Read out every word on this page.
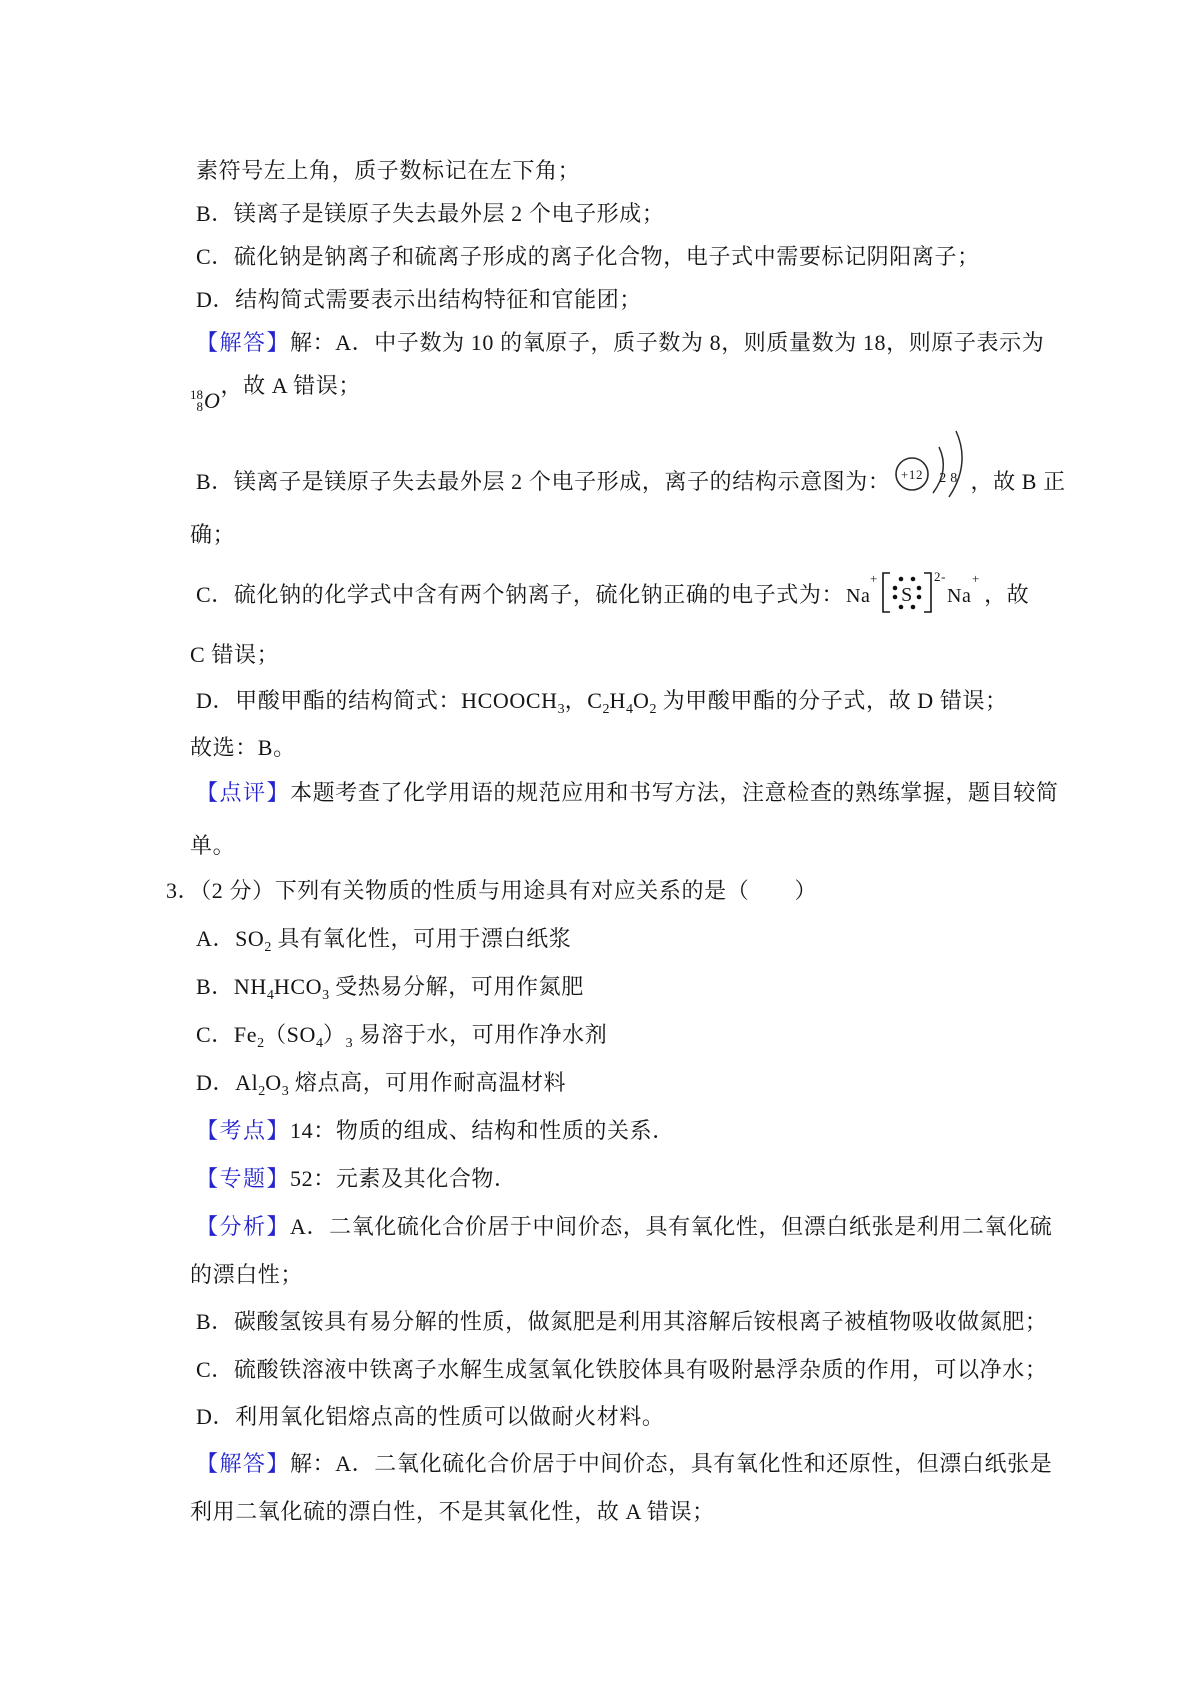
素符号左上角，质子数标记在左下角；
B．镁离子是镁原子失去最外层 2 个电子形成；
C．硫化钠是钠离子和硫离子形成的离子化合物，电子式中需要标记阴阳离子；
D．结构简式需要表示出结构特征和官能团；
【解答】解：A．中子数为 10 的氧原子，质子数为 8，则质量数为 18，则原子表示为
18
8 O
，故 A 错误；
B．镁离子是镁原子失去最外层 2 个电子形成，离子的结构示意图为： +12 2 8 ，故 B 正
确；
C．硫化钠的化学式中含有两个钠离子，硫化钠正确的电子式为： Na
+
S
2-
Na
+
，故
C 错误；
D．甲酸甲酯的结构简式：$HCOOCH_3$，$C_2H_4O_2$ 为甲酸甲酯的分子式，故 D 错误；
故选：B。
【点评】本题考查了化学用语的规范应用和书写方法，注意检查的熟练掌握，题目较简
单。
3．（2 分）下列有关物质的性质与用途具有对应关系的是（　　）
A．$SO_2$ 具有氧化性，可用于漂白纸浆
B．$NH_4HCO_3$ 受热易分解，可用作氮肥
C．$Fe_2(SO_4)_3$ 易溶于水，可用作净水剂
D．$Al_2O_3$ 熔点高，可用作耐高温材料
【考点】14：物质的组成、结构和性质的关系．
【专题】52：元素及其化合物．
【分析】A．二氧化硫化合价居于中间价态，具有氧化性，但漂白纸张是利用二氧化硫
的漂白性；
B．碳酸氢铵具有易分解的性质，做氮肥是利用其溶解后铵根离子被植物吸收做氮肥；
C．硫酸铁溶液中铁离子水解生成氢氧化铁胶体具有吸附悬浮杂质的作用，可以净水；
D．利用氧化铝熔点高的性质可以做耐火材料。
【解答】解：A．二氧化硫化合价居于中间价态，具有氧化性和还原性，但漂白纸张是
利用二氧化硫的漂白性，不是其氧化性，故 A 错误；
